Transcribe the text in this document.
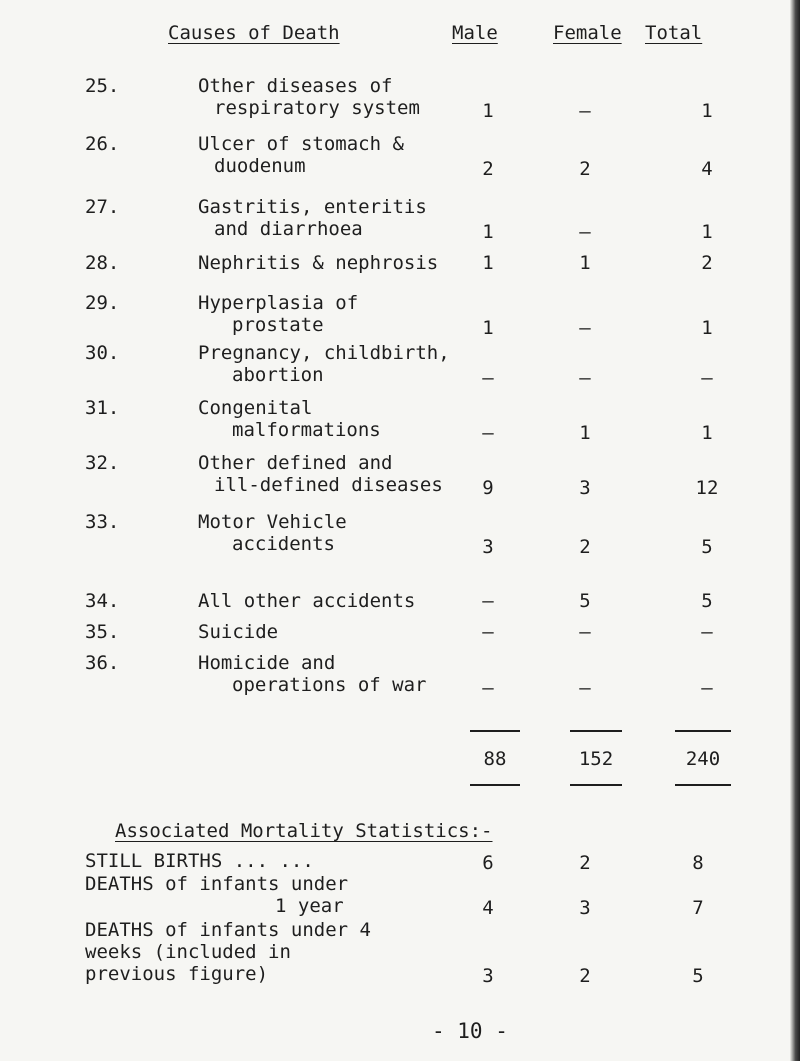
Causes of Death	Male	Female Total
25.	Other diseases of
respiratory system	1	–	1
26.	Ulcer of stomach &
duodenum	2	2	4
27.	Gastritis, enteritis
and diarrhoea	1	–	1
28.	Nephritis & nephrosis	1	1	2
29.	Hyperplasia of
prostate	1	–	1
30.	Pregnancy, childbirth,
abortion	–	–	–
31.	Congenital
malformations	–	1	1
32.	Other defined and
ill-defined diseases	9	3	12
33.	Motor Vehicle
accidents	3	2	5
34.	All other accidents	–	5	5
35.	Suicide	–	–	–
36.	Homicide and
operations of war	–	–	–
88	152	240
Associated Mortality Statistics:-
STILL BIRTHS ... ...	6	2	8
DEATHS of infants under
1 year	4	3	7
DEATHS of infants under 4
weeks (included in
previous figure)	3	2	5
- 10 -
